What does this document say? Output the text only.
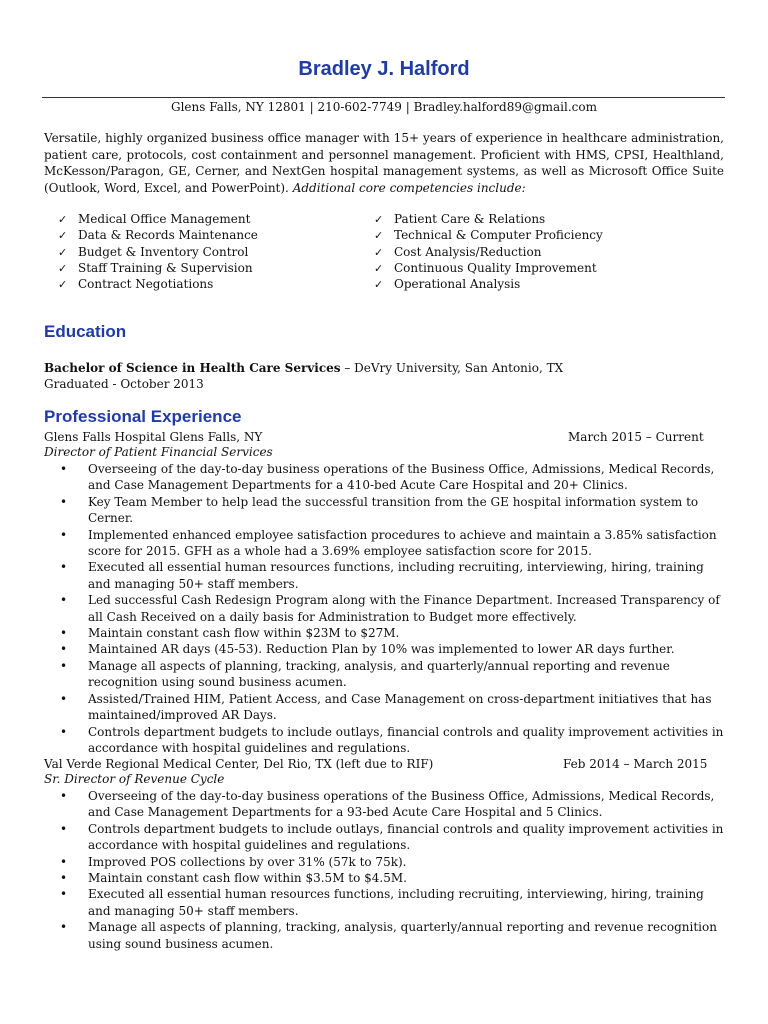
Bradley J. Halford
Glens Falls, NY 12801 | 210-602-7749 | Bradley.halford89@gmail.com
Versatile, highly organized business office manager with 15+ years of experience in healthcare administration, patient care, protocols, cost containment and personnel management. Proficient with HMS, CPSI, Healthland, McKesson/Paragon, GE, Cerner, and NextGen hospital management systems, as well as Microsoft Office Suite (Outlook, Word, Excel, and PowerPoint). Additional core competencies include:
✓ Medical Office Management
✓ Data & Records Maintenance
✓ Budget & Inventory Control
✓ Staff Training & Supervision
✓ Contract Negotiations
✓ Patient Care & Relations
✓ Technical & Computer Proficiency
✓ Cost Analysis/Reduction
✓ Continuous Quality Improvement
✓ Operational Analysis
Education
Bachelor of Science in Health Care Services – DeVry University, San Antonio, TX
Graduated - October 2013
Professional Experience
Glens Falls Hospital Glens Falls, NY	March 2015 – Current
Director of Patient Financial Services
• Overseeing of the day-to-day business operations of the Business Office, Admissions, Medical Records, and Case Management Departments for a 410-bed Acute Care Hospital and 20+ Clinics.
• Key Team Member to help lead the successful transition from the GE hospital information system to Cerner.
• Implemented enhanced employee satisfaction procedures to achieve and maintain a 3.85% satisfaction score for 2015. GFH as a whole had a 3.69% employee satisfaction score for 2015.
• Executed all essential human resources functions, including recruiting, interviewing, hiring, training and managing 50+ staff members.
• Led successful Cash Redesign Program along with the Finance Department. Increased Transparency of all Cash Received on a daily basis for Administration to Budget more effectively.
• Maintain constant cash flow within $23M to $27M.
• Maintained AR days (45-53). Reduction Plan by 10% was implemented to lower AR days further.
• Manage all aspects of planning, tracking, analysis, and quarterly/annual reporting and revenue recognition using sound business acumen.
• Assisted/Trained HIM, Patient Access, and Case Management on cross-department initiatives that has maintained/improved AR Days.
• Controls department budgets to include outlays, financial controls and quality improvement activities in accordance with hospital guidelines and regulations.
Val Verde Regional Medical Center, Del Rio, TX (left due to RIF)	Feb 2014 – March 2015
Sr. Director of Revenue Cycle
• Overseeing of the day-to-day business operations of the Business Office, Admissions, Medical Records, and Case Management Departments for a 93-bed Acute Care Hospital and 5 Clinics.
• Controls department budgets to include outlays, financial controls and quality improvement activities in accordance with hospital guidelines and regulations.
• Improved POS collections by over 31% (57k to 75k).
• Maintain constant cash flow within $3.5M to $4.5M.
• Executed all essential human resources functions, including recruiting, interviewing, hiring, training and managing 50+ staff members.
• Manage all aspects of planning, tracking, analysis, quarterly/annual reporting and revenue recognition using sound business acumen.
